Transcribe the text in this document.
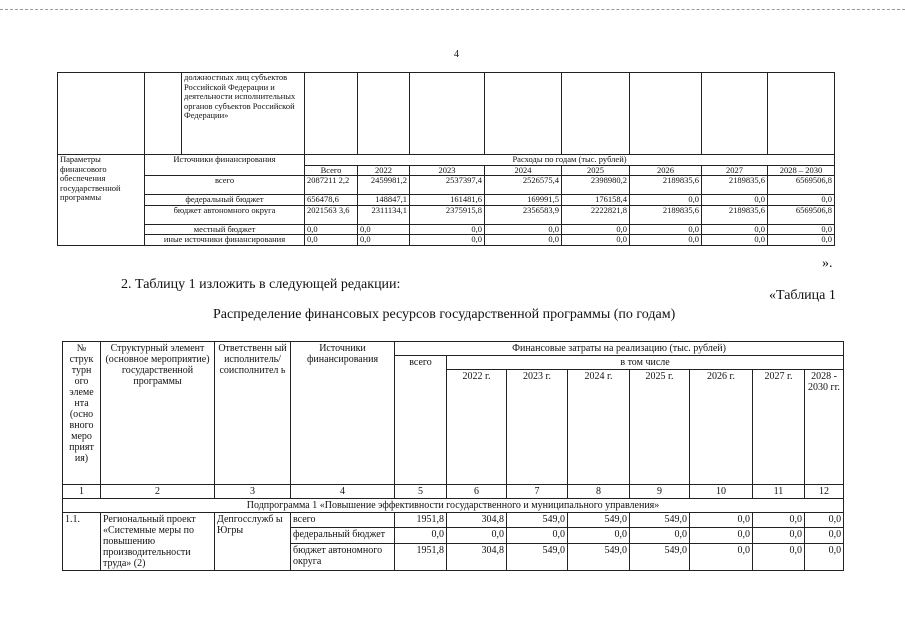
4
		должностных лиц субъектов Российской Федерации и деятельности исполнительных органов субъектов Российской Федерации»								
Параметры финансового обеспечения государственной программы	Источники финансирования		Расходы по годам (тыс. рублей)							
			Всего	2022	2023	2024	2025	2026	2027	2028 – 2030
	всего		2087211 2,2	2459981,2	2537397,4	2526575,4	2398980,2	2189835,6	2189835,6	6569506,8
	федеральный бюджет		656478,6	148847,1	161481,6	169991,5	176158,4	0,0	0,0	0,0
	бюджет автономного округа		2021563 3,6	2311134,1	2375915,8	2356583,9	2222821,8	2189835,6	2189835,6	6569506,8
	местный бюджет		0,0	0,0	0,0	0,0	0,0	0,0	0,0	0,0
	иные источники финансирования		0,0	0,0	0,0	0,0	0,0	0,0	0,0	0,0
».
2. Таблицу 1 изложить в следующей редакции:
«Таблица 1
Распределение финансовых ресурсов государственной программы (по годам)
№ струк турн ого элеме нта (осно вного меро прият ия)	Структурный элемент (основное мероприятие) государственной программы	Ответственн ый исполнитель/ соисполнител ь	Источники финансирования	Финансовые затраты на реализацию (тыс. рублей)							
				всего	в том числе						
					2022 г.	2023 г.	2024 г.	2025 г.	2026 г.	2027 г.	2028 - 2030 гг.
1	2	3	4	5	6	7	8	9	10	11	12
Подпрограмма 1 «Повышение эффективности государственного и муниципального управления»											
1.1.	Региональный проект «Системные меры по повышению производительности труда» (2)	Депгосслужб ы Югры	всего	1951,8	304,8	549,0	549,0	549,0	0,0	0,0	0,0
			федеральный бюджет	0,0	0,0	0,0	0,0	0,0	0,0	0,0	0,0
			бюджет автономного округа	1951,8	304,8	549,0	549,0	549,0	0,0	0,0	0,0
